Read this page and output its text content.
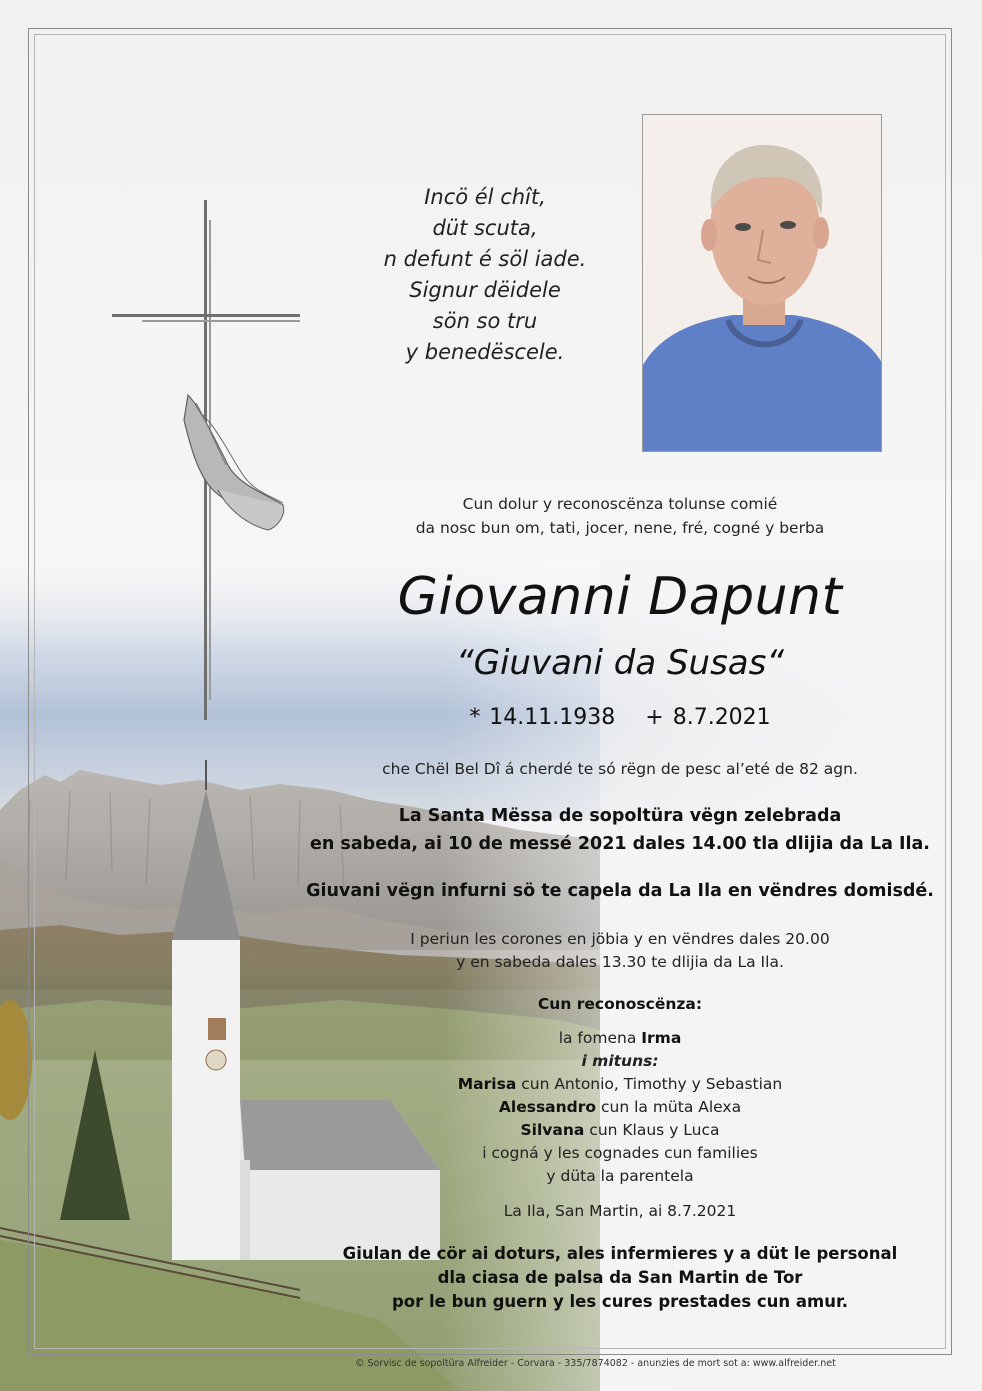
Incö él chît,
düt scuta,
n defunt é söl iade.
Signur dëidele
sön so tru
y benedëscele.
Cun dolur y reconoscënza tolunse comié
da nosc bun om, tati, jocer, nene, fré, cogné y berba
Giovanni Dapunt
“Giuvani da Susas“
* 14.11.1938 + 8.7.2021
che Chël Bel Dî á cherdé te só rëgn de pesc al’eté de 82 agn.
La Santa Mëssa de sopoltüra vëgn zelebrada
en sabeda, ai 10 de messé 2021 dales 14.00 tla dlijia da La Ila.
Giuvani vëgn infurni sö te capela da La Ila en vëndres domisdé.
I periun les corones en jöbia y en vëndres dales 20.00
y en sabeda dales 13.30 te dlijia da La Ila.
Cun reconoscënza:
la fomena Irma
i mituns:
Marisa cun Antonio, Timothy y Sebastian
Alessandro cun la müta Alexa
Silvana cun Klaus y Luca
i cogná y les cognades cun families
y düta la parentela
La Ila, San Martin, ai 8.7.2021
Giulan de cör ai doturs, ales infermieres y a düt le personal
dla ciasa de palsa da San Martin de Tor
por le bun guern y les cures prestades cun amur.
© Sorvisc de sopoltüra Alfreider - Corvara - 335/7874082 - anunzies de mort sot a: www.alfreider.net
